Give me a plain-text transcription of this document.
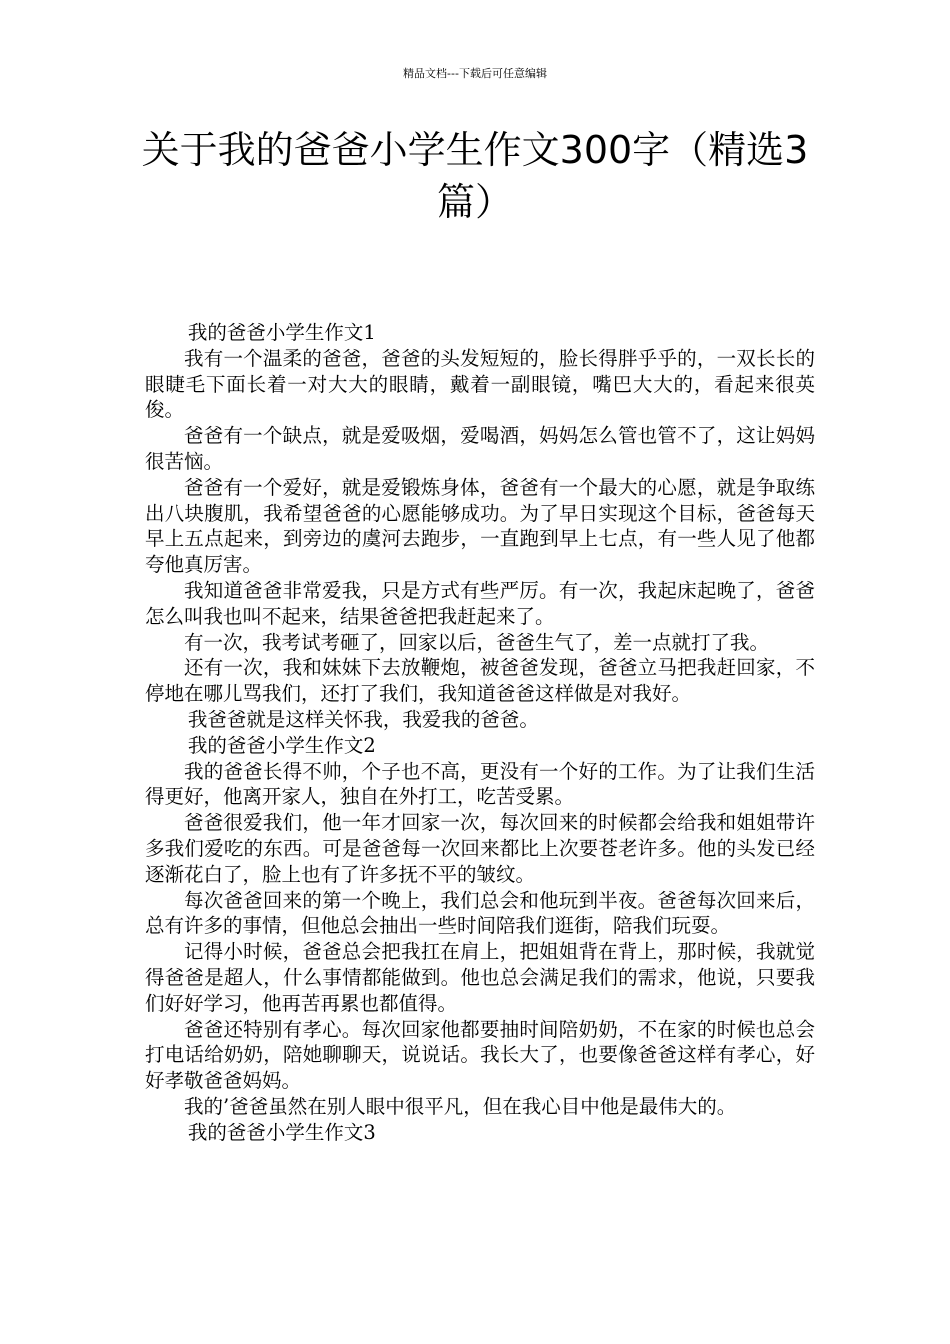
精品文档---下载后可任意编辑
关于我的爸爸小学生作文300字（精选3篇）

我的爸爸小学生作文1

我有一个温柔的爸爸，爸爸的头发短短的，脸长得胖乎乎的，一双长长的眼睫毛下面长着一对大大的眼睛，戴着一副眼镜，嘴巴大大的，看起来很英俊。

爸爸有一个缺点，就是爱吸烟，爱喝酒，妈妈怎么管也管不了，这让妈妈很苦恼。

爸爸有一个爱好，就是爱锻炼身体，爸爸有一个最大的心愿，就是争取练出八块腹肌，我希望爸爸的心愿能够成功。为了早日实现这个目标，爸爸每天早上五点起来，到旁边的虞河去跑步，一直跑到早上七点，有一些人见了他都夸他真厉害。

我知道爸爸非常爱我，只是方式有些严厉。有一次，我起床起晚了，爸爸怎么叫我也叫不起来，结果爸爸把我赶起来了。

有一次，我考试考砸了，回家以后，爸爸生气了，差一点就打了我。

还有一次，我和妹妹下去放鞭炮，被爸爸发现，爸爸立马把我赶回家，不停地在哪儿骂我们，还打了我们，我知道爸爸这样做是对我好。

我爸爸就是这样关怀我，我爱我的爸爸。

我的爸爸小学生作文2

我的爸爸长得不帅，个子也不高，更没有一个好的工作。为了让我们生活得更好，他离开家人，独自在外打工，吃苦受累。

爸爸很爱我们，他一年才回家一次，每次回来的时候都会给我和姐姐带许多我们爱吃的东西。可是爸爸每一次回来都比上次要苍老许多。他的头发已经逐渐花白了，脸上也有了许多抚不平的皱纹。

每次爸爸回来的第一个晚上，我们总会和他玩到半夜。爸爸每次回来后，总有许多的事情，但他总会抽出一些时间陪我们逛街，陪我们玩耍。

记得小时候，爸爸总会把我扛在肩上，把姐姐背在背上，那时候，我就觉得爸爸是超人，什么事情都能做到。他也总会满足我们的需求，他说，只要我们好好学习，他再苦再累也都值得。

爸爸还特别有孝心。每次回家他都要抽时间陪奶奶，不在家的时候也总会打电话给奶奶，陪她聊聊天，说说话。我长大了，也要像爸爸这样有孝心，好好孝敬爸爸妈妈。

我的’爸爸虽然在别人眼中很平凡，但在我心目中他是最伟大的。

我的爸爸小学生作文3
